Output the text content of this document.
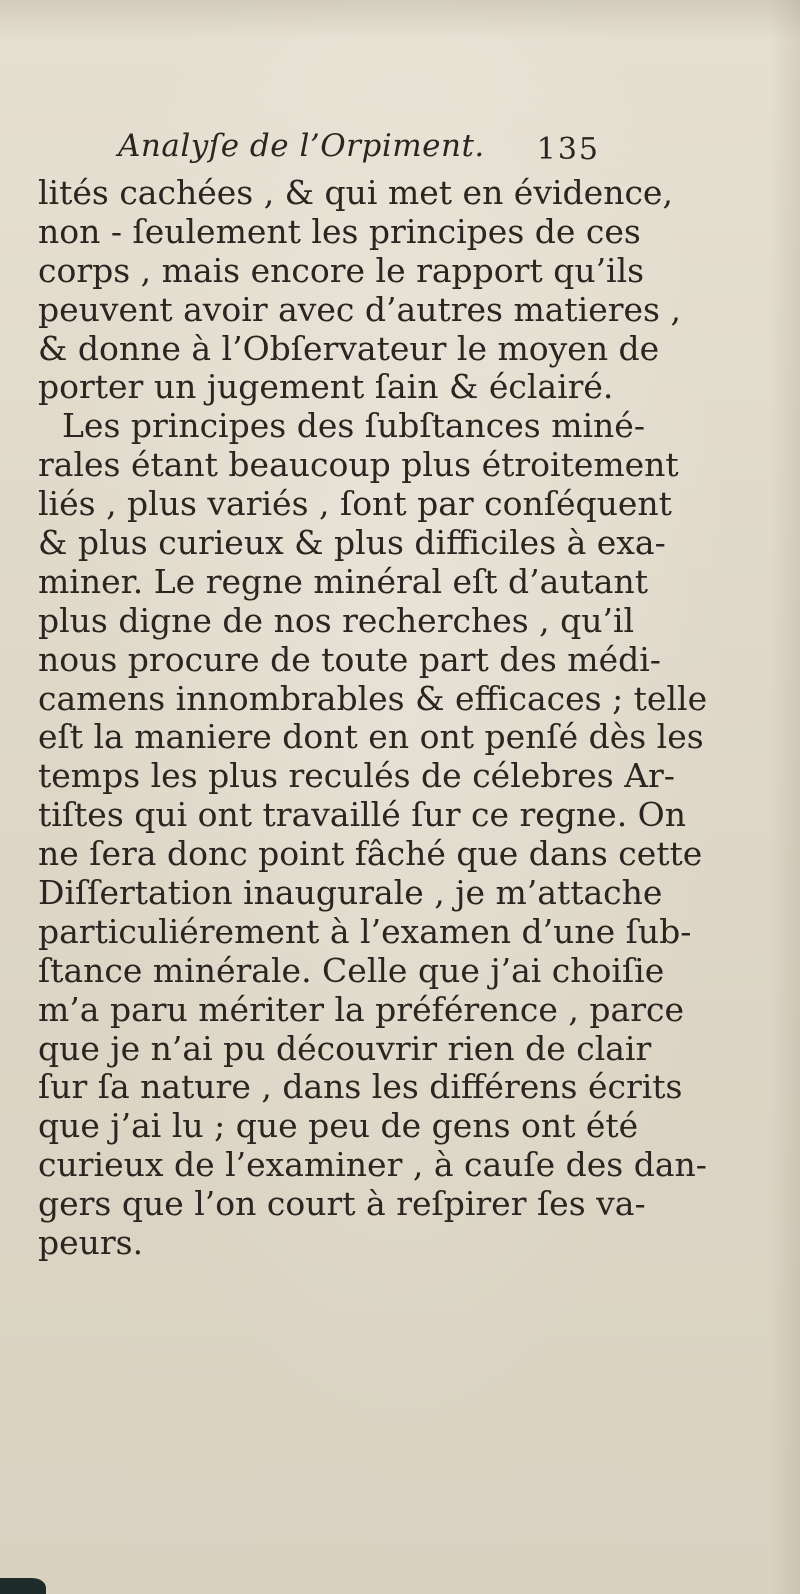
Analyſe de l’Orpiment. 135
lités cachées , & qui met en évidence,
non - ſeulement les principes de ces
corps , mais encore le rapport qu’ils
peuvent avoir avec d’autres matieres ,
& donne à l’Obſervateur le moyen de
porter un jugement ſain & éclairé.
Les principes des ſubſtances miné-
rales étant beaucoup plus étroitement
liés , plus variés , ſont par conſéquent
& plus curieux & plus difficiles à exa-
miner. Le regne minéral eſt d’autant
plus digne de nos recherches , qu’il
nous procure de toute part des médi-
camens innombrables & efficaces ; telle
eſt la maniere dont en ont penſé dès les
temps les plus reculés de célebres Ar-
tiſtes qui ont travaillé ſur ce regne. On
ne ſera donc point fâché que dans cette
Diſſertation inaugurale , je m’attache
particuliérement à l’examen d’une ſub-
ſtance minérale. Celle que j’ai choiſie
m’a paru mériter la préférence , parce
que je n’ai pu découvrir rien de clair
ſur ſa nature , dans les différens écrits
que j’ai lu ; que peu de gens ont été
curieux de l’examiner , à cauſe des dan-
gers que l’on court à reſpirer ſes va-
peurs.
